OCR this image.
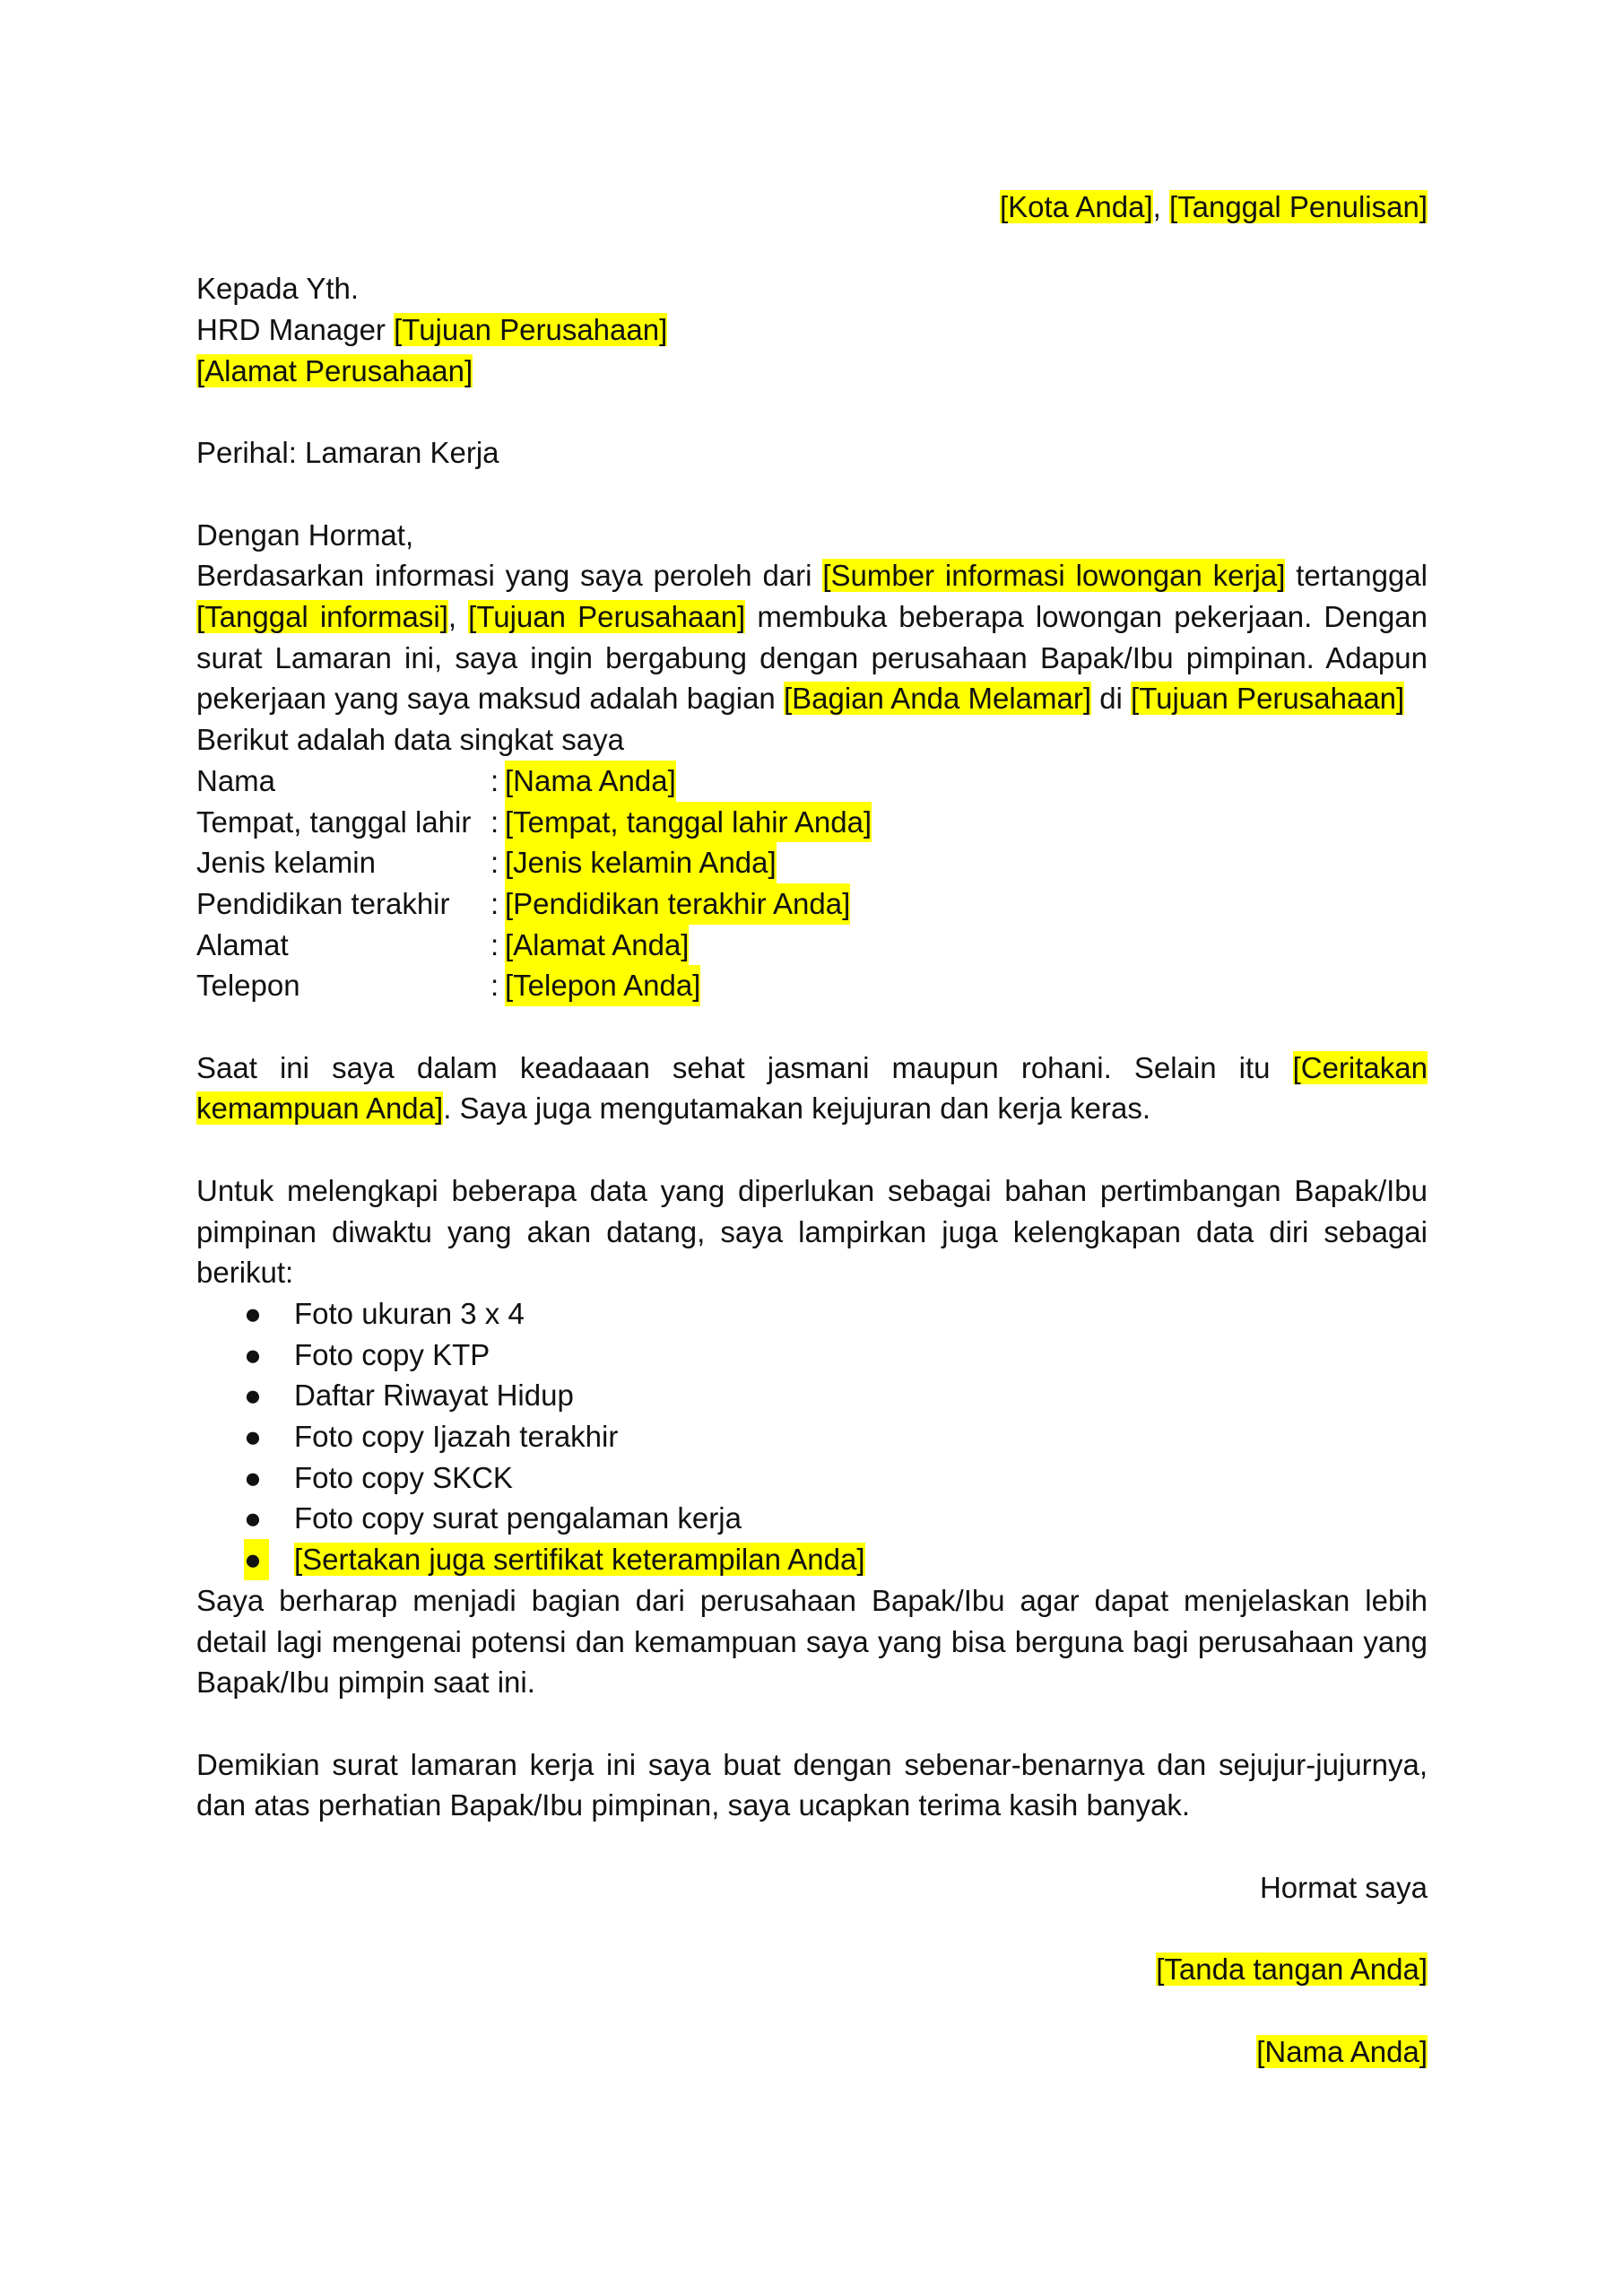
[Kota Anda], [Tanggal Penulisan]

Kepada Yth.

HRD Manager [Tujuan Perusahaan]

[Alamat Perusahaan]

Perihal: Lamaran Kerja

Dengan Hormat,

Berdasarkan informasi yang saya peroleh dari [Sumber informasi lowongan kerja] tertanggal [Tanggal informasi], [Tujuan Perusahaan] membuka beberapa lowongan pekerjaan. Dengan surat Lamaran ini, saya ingin bergabung dengan perusahaan Bapak/Ibu pimpinan. Adapun pekerjaan yang saya maksud adalah bagian [Bagian Anda Melamar] di [Tujuan Perusahaan]

Berikut adalah data singkat saya

Nama	: [Nama Anda]
Tempat, tanggal lahir : [Tempat, tanggal lahir Anda]
Jenis kelamin	: [Jenis kelamin Anda]
Pendidikan terakhir	: [Pendidikan terakhir Anda]
Alamat	: [Alamat Anda]
Telepon	: [Telepon Anda]

Saat ini saya dalam keadaaan sehat jasmani maupun rohani. Selain itu [Ceritakan kemampuan Anda]. Saya juga mengutamakan kejujuran dan kerja keras.

Untuk melengkapi beberapa data yang diperlukan sebagai bahan pertimbangan Bapak/Ibu pimpinan diwaktu yang akan datang, saya lampirkan juga kelengkapan data diri sebagai berikut:

●	Foto ukuran 3 x 4
●	Foto copy KTP
●	Daftar Riwayat Hidup
●	Foto copy Ijazah terakhir
●	Foto copy SKCK
●	Foto copy surat pengalaman kerja
● [Sertakan juga sertifikat keterampilan Anda]

Saya berharap menjadi bagian dari perusahaan Bapak/Ibu agar dapat menjelaskan lebih detail lagi mengenai potensi dan kemampuan saya yang bisa berguna bagi perusahaan yang Bapak/Ibu pimpin saat ini.

Demikian surat lamaran kerja ini saya buat dengan sebenar-benarnya dan sejujur-jujurnya, dan atas perhatian Bapak/Ibu pimpinan, saya ucapkan terima kasih banyak.

Hormat saya

[Tanda tangan Anda]

[Nama Anda]
